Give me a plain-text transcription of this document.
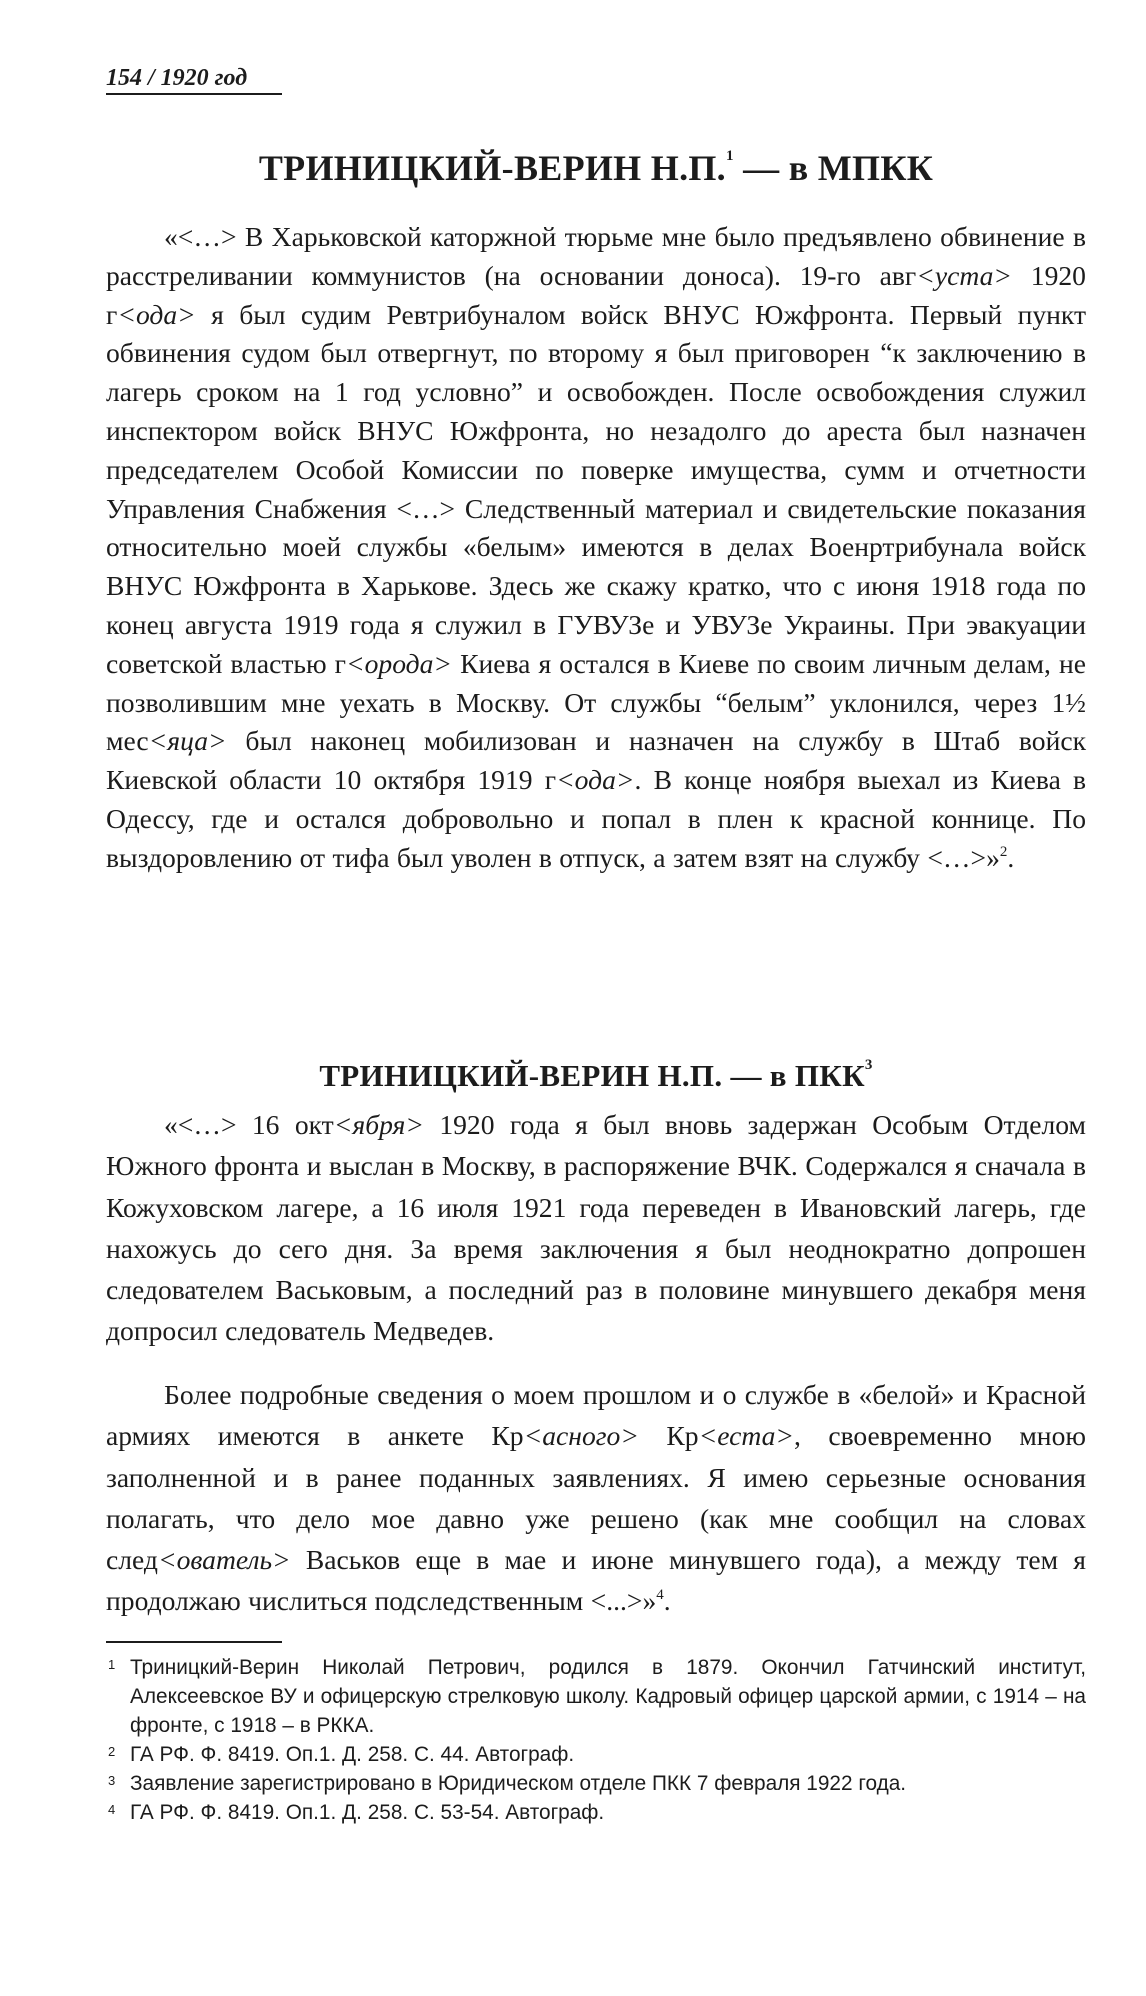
154 / 1920 год
ТРИНИЦКИЙ-ВЕРИН Н.П.$^1$ — в МПКК
«<…> В Харьковской каторжной тюрьме мне было предъявлено обвинение в расстреливании коммунистов (на основании доноса). 19-го авг<уста> 1920 г<ода> я был судим Ревтрибуналом войск ВНУС Южфронта. Первый пункт обвинения судом был отвергнут, по второму я был приговорен “к заключению в лагерь сроком на 1 год условно” и освобожден. После освобождения служил инспектором войск ВНУС Южфронта, но незадолго до ареста был назначен председателем Особой Комиссии по поверке имущества, сумм и отчетности Управления Снабжения <…> Следственный материал и свидетельские показания относительно моей службы «белым» имеются в делах Военртрибунала войск ВНУС Южфронта в Харькове. Здесь же скажу кратко, что с июня 1918 года по конец августа 1919 года я служил в ГУВУЗе и УВУЗе Украины. При эвакуации советской властью г<орода> Киева я остался в Киеве по своим личным делам, не позволившим мне уехать в Москву. От службы “белым” уклонился, через 1½ мес<яца> был наконец мобилизован и назначен на службу в Штаб войск Киевской области 10 октября 1919 г<ода>. В конце ноября выехал из Киева в Одессу, где и остался добровольно и попал в плен к красной коннице. По выздоровлению от тифа был уволен в отпуск, а затем взят на службу <…>»$^2$.
ТРИНИЦКИЙ-ВЕРИН Н.П. — в ПКК$^3$
«<…> 16 окт<ября> 1920 года я был вновь задержан Особым Отделом Южного фронта и выслан в Москву, в распоряжение ВЧК. Содержался я сначала в Кожуховском лагере, а 16 июля 1921 года переведен в Ивановский лагерь, где нахожусь до сего дня. За время заключения я был неоднократно допрошен следователем Васьковым, а последний раз в половине минувшего декабря меня допросил следователь Медведев.
Более подробные сведения о моем прошлом и о службе в «белой» и Красной армиях имеются в анкете Кр<асного> Кр<еста>, своевременно мною заполненной и в ранее поданных заявлениях. Я имею серьезные основания полагать, что дело мое давно уже решено (как мне сообщил на словах след<ователь> Васьков еще в мае и июне минувшего года), а между тем я продолжаю числиться подследственным <...>»$^4$.
1 Триницкий-Верин Николай Петрович, родился в 1879. Окончил Гатчинский институт, Алексеевское ВУ и офицерскую стрелковую школу. Кадровый офицер царской армии, с 1914 – на фронте, с 1918 – в РККА.
2 ГА РФ. Ф. 8419. Оп.1. Д. 258. С. 44. Автограф.
3 Заявление зарегистрировано в Юридическом отделе ПКК 7 февраля 1922 года.
4 ГА РФ. Ф. 8419. Оп.1. Д. 258. С. 53-54. Автограф.
